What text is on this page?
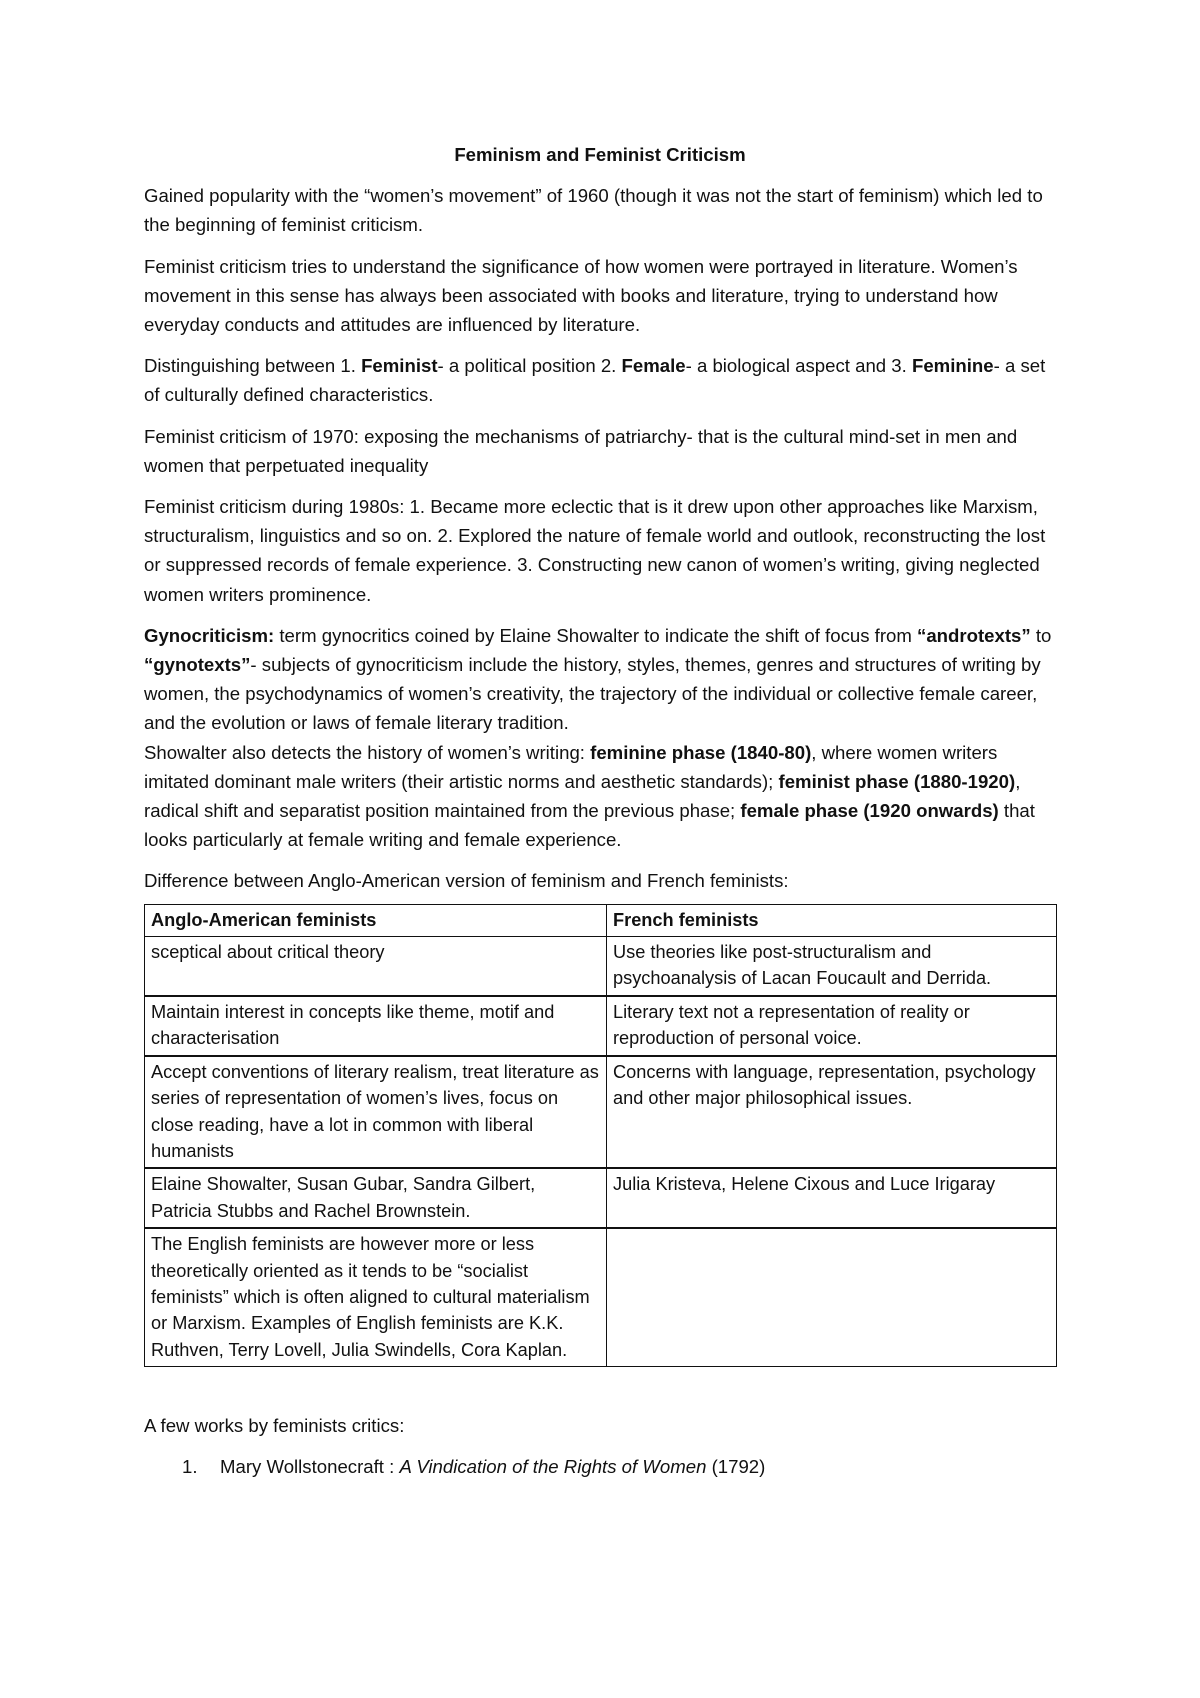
Feminism and Feminist Criticism

Gained popularity with the “women’s movement” of 1960 (though it was not the start of feminism) which led to the beginning of feminist criticism.

Feminist criticism tries to understand the significance of how women were portrayed in literature. Women’s movement in this sense has always been associated with books and literature, trying to understand how everyday conducts and attitudes are influenced by literature.

Distinguishing between 1. Feminist- a political position 2. Female- a biological aspect and 3. Feminine- a set of culturally defined characteristics.

Feminist criticism of 1970: exposing the mechanisms of patriarchy- that is the cultural mind-set in men and women that perpetuated inequality

Feminist criticism during 1980s: 1. Became more eclectic that is it drew upon other approaches like Marxism, structuralism, linguistics and so on. 2. Explored the nature of female world and outlook, reconstructing the lost or suppressed records of female experience. 3. Constructing new canon of women’s writing, giving neglected women writers prominence.

Gynocriticism: term gynocritics coined by Elaine Showalter to indicate the shift of focus from “androtexts” to “gynotexts”- subjects of gynocriticism include the history, styles, themes, genres and structures of writing by women, the psychodynamics of women’s creativity, the trajectory of the individual or collective female career, and the evolution or laws of female literary tradition.

Showalter also detects the history of women’s writing: feminine phase (1840-80), where women writers imitated dominant male writers (their artistic norms and aesthetic standards); feminist phase (1880-1920), radical shift and separatist position maintained from the previous phase; female phase (1920 onwards) that looks particularly at female writing and female experience.

Difference between Anglo-American version of feminism and French feminists:

Anglo-American feminists	French feminists
sceptical about critical theory	Use theories like post-structuralism and psychoanalysis of Lacan Foucault and Derrida.
Maintain interest in concepts like theme, motif and characterisation	Literary text not a representation of reality or reproduction of personal voice.
Accept conventions of literary realism, treat literature as series of representation of women’s lives, focus on close reading, have a lot in common with liberal humanists	Concerns with language, representation, psychology and other major philosophical issues.
Elaine Showalter, Susan Gubar, Sandra Gilbert, Patricia Stubbs and Rachel Brownstein.	Julia Kristeva, Helene Cixous and Luce Irigaray
The English feminists are however more or less theoretically oriented as it tends to be “socialist feminists” which is often aligned to cultural materialism or Marxism. Examples of English feminists are K.K. Ruthven, Terry Lovell, Julia Swindells, Cora Kaplan.	

A few works by feminists critics:

1. Mary Wollstonecraft : A Vindication of the Rights of Women (1792)
